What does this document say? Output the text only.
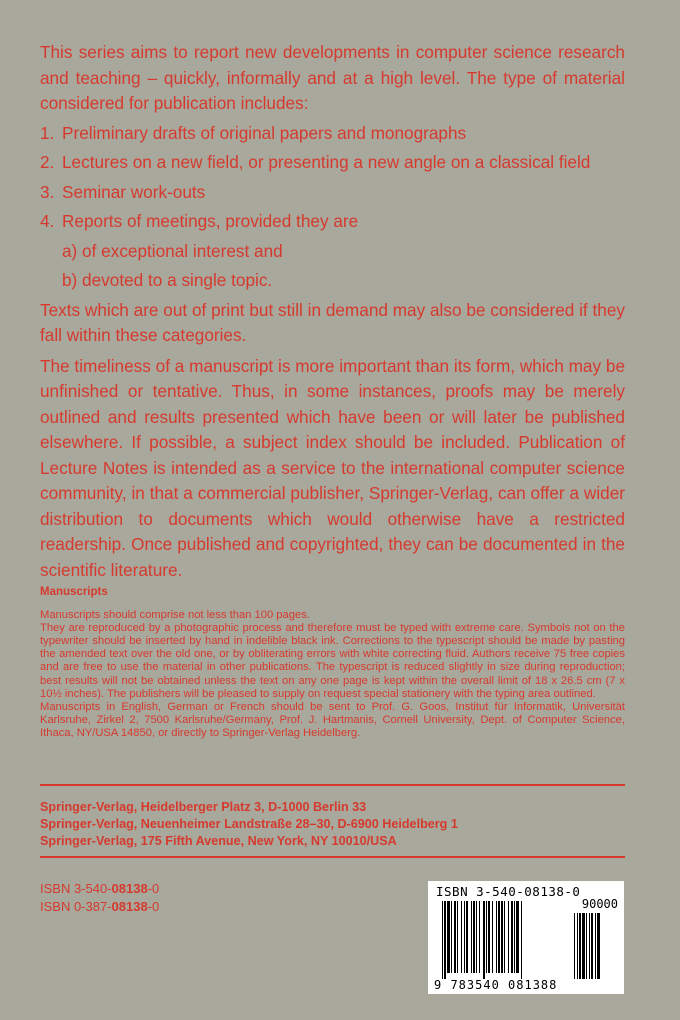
This series aims to report new developments in computer science research and teaching – quickly, informally and at a high level. The type of material considered for publication includes:

1. Preliminary drafts of original papers and monographs
2. Lectures on a new field, or presenting a new angle on a classical field
3. Seminar work-outs
4. Reports of meetings, provided they are
a) of exceptional interest and
b) devoted to a single topic.

Texts which are out of print but still in demand may also be considered if they fall within these categories.

The timeliness of a manuscript is more important than its form, which may be unfinished or tentative. Thus, in some instances, proofs may be merely outlined and results presented which have been or will later be published elsewhere. If possible, a subject index should be included. Publication of Lecture Notes is intended as a service to the international computer science community, in that a commercial publisher, Springer-Verlag, can offer a wider distribution to documents which would otherwise have a restricted readership. Once published and copyrighted, they can be documented in the scientific literature.

Manuscripts

Manuscripts should comprise not less than 100 pages.

They are reproduced by a photographic process and therefore must be typed with extreme care. Symbols not on the typewriter should be inserted by hand in indelible black ink. Corrections to the typescript should be made by pasting the amended text over the old one, or by obliterating errors with white correcting fluid. Authors receive 75 free copies and are free to use the material in other publications. The typescript is reduced slightly in size during reproduction; best results will not be obtained unless the text on any one page is kept within the overall limit of 18 x 26.5 cm (7 x 10½ inches). The publishers will be pleased to supply on request special stationery with the typing area outlined.

Manuscripts in English, German or French should be sent to Prof. G. Goos, Institut für Informatik, Universität Karlsruhe, Zirkel 2, 7500 Karlsruhe/Germany, Prof. J. Hartmanis, Cornell University, Dept. of Computer Science, Ithaca, NY/USA 14850, or directly to Springer-Verlag Heidelberg.

Springer-Verlag, Heidelberger Platz 3, D-1000 Berlin 33
Springer-Verlag, Neuenheimer Landstraße 28–30, D-6900 Heidelberg 1
Springer-Verlag, 175 Fifth Avenue, New York, NY 10010/USA
ISBN 3-540-08138-0
ISBN 0-387-08138-0
ISBN 3-540-08138-0
90000
9 783540 081388
